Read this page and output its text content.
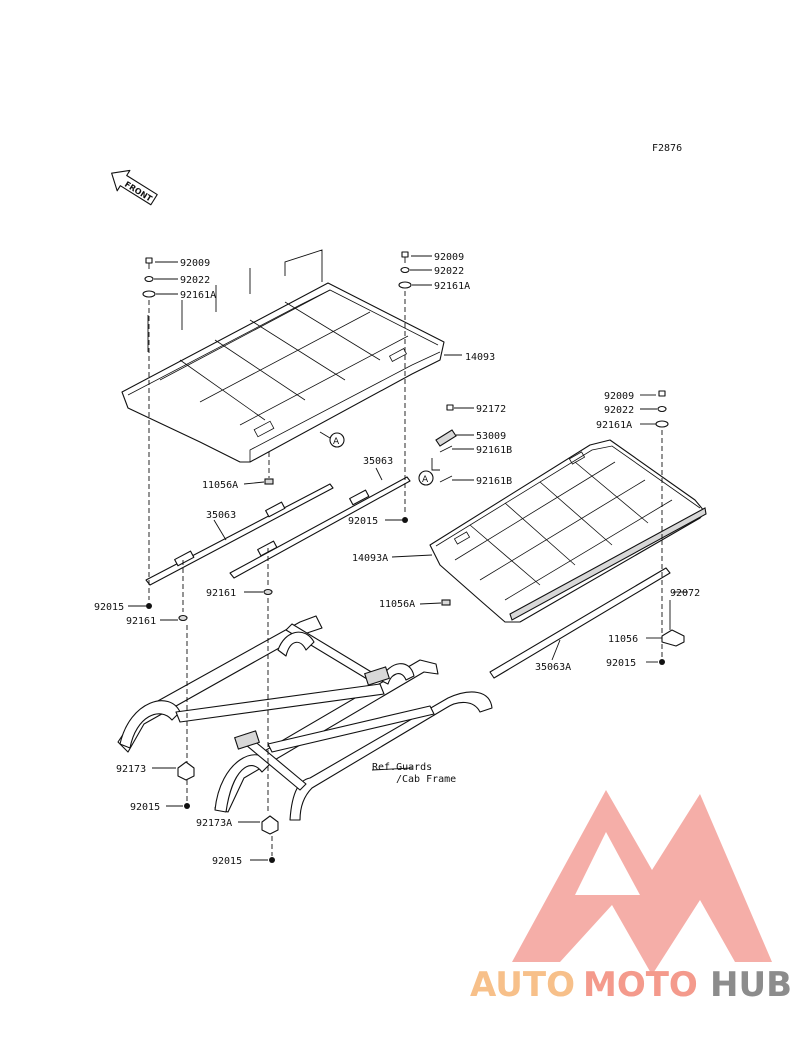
AUTO MOTO HUB
F2876
FRONT
A
A
92009
92022
92161A
92009
92022
92161A
14093
92172
53009
92161B
92161B
92009
92022
92161A
11056A
35063
35063
92015
14093A
11056A
92072
11056
92015
35063A
92015
92161
92161
92173
92015
92173A
92015
Ref.Guards
/Cab Frame
